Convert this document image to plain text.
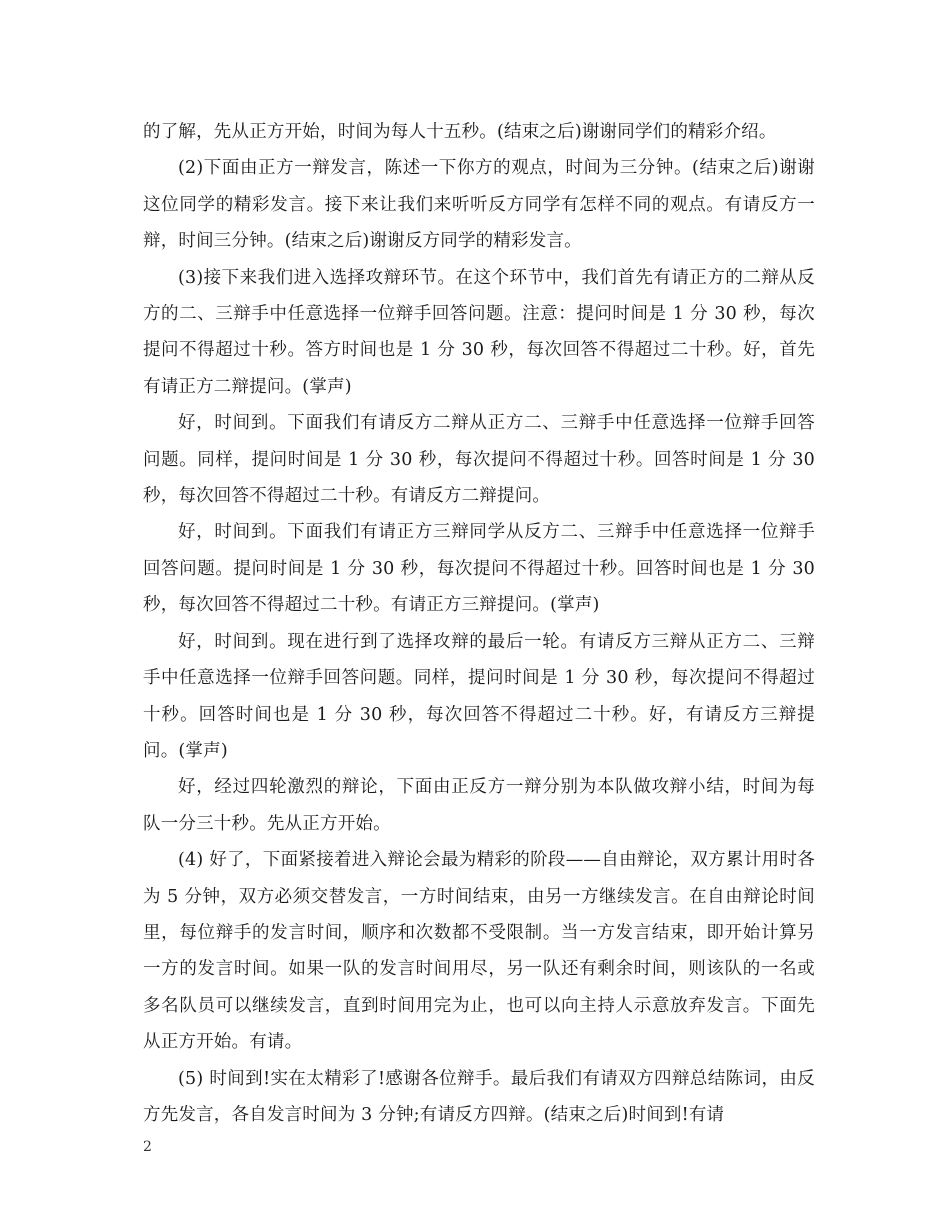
的了解，先从正方开始，时间为每人十五秒。(结束之后)谢谢同学们的精彩介绍。

(2)下面由正方一辩发言，陈述一下你方的观点，时间为三分钟。(结束之后)谢谢这位同学的精彩发言。接下来让我们来听听反方同学有怎样不同的观点。有请反方一辩，时间三分钟。(结束之后)谢谢反方同学的精彩发言。

(3)接下来我们进入选择攻辩环节。在这个环节中，我们首先有请正方的二辩从反方的二、三辩手中任意选择一位辩手回答问题。注意：提问时间是 1 分 30 秒，每次提问不得超过十秒。答方时间也是 1 分 30 秒，每次回答不得超过二十秒。好，首先有请正方二辩提问。(掌声)

好，时间到。下面我们有请反方二辩从正方二、三辩手中任意选择一位辩手回答问题。同样，提问时间是 1 分 30 秒，每次提问不得超过十秒。回答时间是 1 分 30 秒，每次回答不得超过二十秒。有请反方二辩提问。

好，时间到。下面我们有请正方三辩同学从反方二、三辩手中任意选择一位辩手回答问题。提问时间是 1 分 30 秒，每次提问不得超过十秒。回答时间也是 1 分 30 秒，每次回答不得超过二十秒。有请正方三辩提问。(掌声)

好，时间到。现在进行到了选择攻辩的最后一轮。有请反方三辩从正方二、三辩手中任意选择一位辩手回答问题。同样，提问时间是 1 分 30 秒，每次提问不得超过十秒。回答时间也是 1 分 30 秒，每次回答不得超过二十秒。好，有请反方三辩提问。(掌声)

好，经过四轮激烈的辩论，下面由正反方一辩分别为本队做攻辩小结，时间为每队一分三十秒。先从正方开始。

(4) 好了，下面紧接着进入辩论会最为精彩的阶段——自由辩论，双方累计用时各为 5 分钟，双方必须交替发言，一方时间结束，由另一方继续发言。在自由辩论时间里，每位辩手的发言时间，顺序和次数都不受限制。当一方发言结束，即开始计算另一方的发言时间。如果一队的发言时间用尽，另一队还有剩余时间，则该队的一名或多名队员可以继续发言，直到时间用完为止，也可以向主持人示意放弃发言。下面先从正方开始。有请。

(5) 时间到!实在太精彩了!感谢各位辩手。最后我们有请双方四辩总结陈词，由反方先发言，各自发言时间为 3 分钟;有请反方四辩。(结束之后)时间到!有请

2
